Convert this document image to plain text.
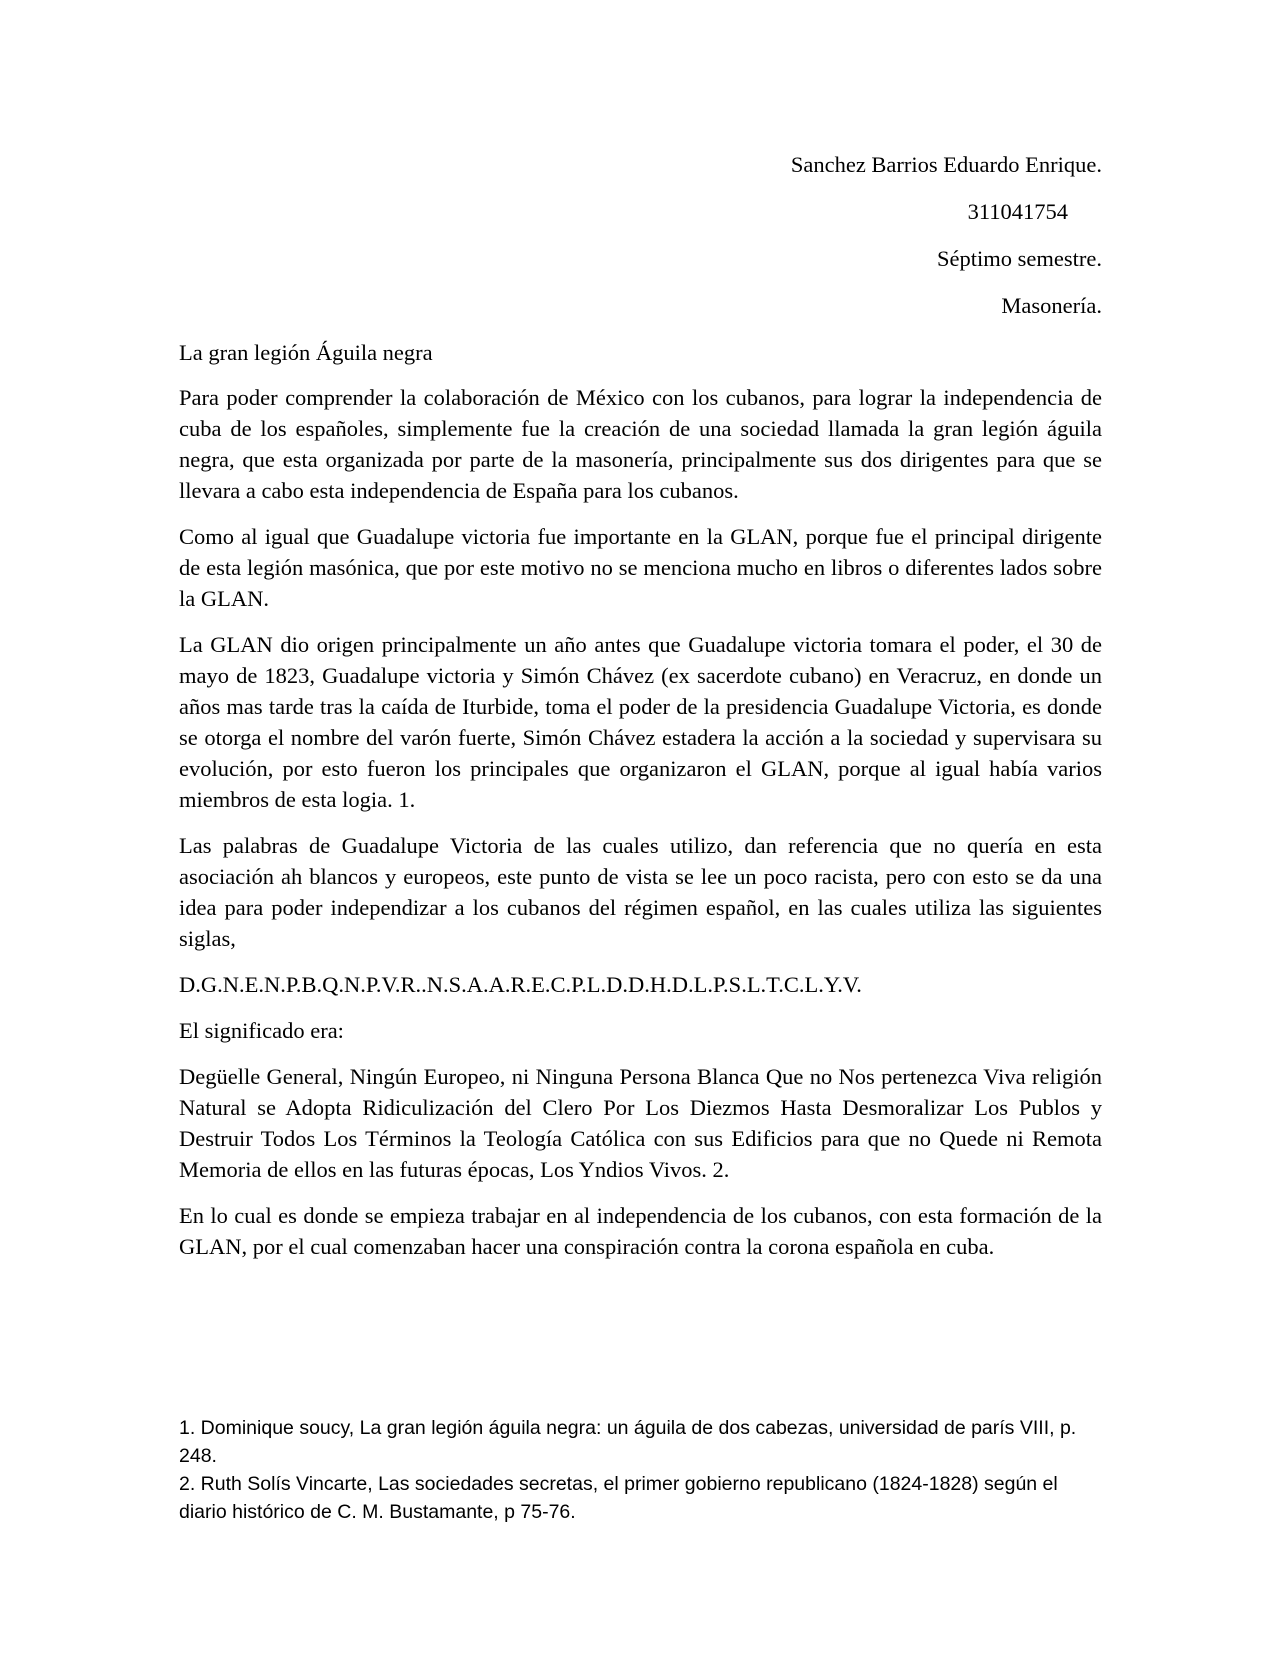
Sanchez Barrios Eduardo Enrique.
311041754
Séptimo semestre.
Masonería.
La gran legión Águila negra

Para poder comprender la colaboración de México con los cubanos, para lograr la independencia de cuba de los españoles, simplemente fue la creación de una sociedad llamada la gran legión águila negra, que esta organizada por parte de la masonería, principalmente sus dos dirigentes para que se llevara a cabo esta independencia de España para los cubanos.

Como al igual que Guadalupe victoria fue importante en la GLAN, porque fue el principal dirigente de esta legión masónica, que por este motivo no se menciona mucho en libros o diferentes lados sobre la GLAN.

La GLAN dio origen principalmente un año antes que Guadalupe victoria tomara el poder, el 30 de mayo de 1823, Guadalupe victoria y Simón Chávez (ex sacerdote cubano) en Veracruz, en donde un años mas tarde tras la caída de Iturbide, toma el poder de la presidencia Guadalupe Victoria, es donde se otorga el nombre del varón fuerte, Simón Chávez estadera la acción a la sociedad y supervisara su evolución, por esto fueron los principales que organizaron el GLAN, porque al igual había varios miembros de esta logia. 1.

Las palabras de Guadalupe Victoria de las cuales utilizo, dan referencia que no quería en esta asociación ah blancos y europeos, este punto de vista se lee un poco racista, pero con esto se da una idea para poder independizar a los cubanos del régimen español, en las cuales utiliza las siguientes siglas,

D.G.N.E.N.P.B.Q.N.P.V.R..N.S.A.A.R.E.C.P.L.D.D.H.D.L.P.S.L.T.C.L.Y.V.

El significado era:

Degüelle General, Ningún Europeo, ni Ninguna Persona Blanca Que no Nos pertenezca Viva religión Natural se Adopta Ridiculización del Clero Por Los Diezmos Hasta Desmoralizar Los Publos y Destruir Todos Los Términos la Teología Católica con sus Edificios para que no Quede ni Remota Memoria de ellos en las futuras épocas, Los Yndios Vivos. 2.

En lo cual es donde se empieza trabajar en al independencia de los cubanos, con esta formación de la GLAN, por el cual comenzaban hacer una conspiración contra la corona española en cuba.

1. Dominique soucy, La gran legión águila negra: un águila de dos cabezas, universidad de parís VIII, p. 248.

2. Ruth Solís Vincarte, Las sociedades secretas, el primer gobierno republicano (1824-1828) según el diario histórico de C. M. Bustamante, p 75-76.
